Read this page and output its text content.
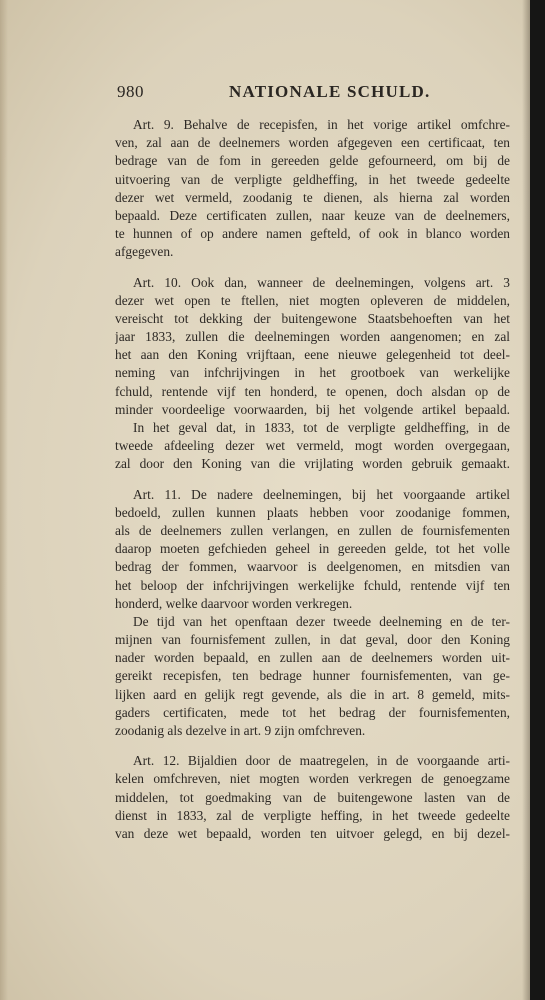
980	NATIONALE SCHULD.
Art. 9. Behalve de recepisfen, in het vorige artikel omfchre-
ven, zal aan de deelnemers worden afgegeven een certificaat, ten
bedrage van de fom in gereeden gelde gefourneerd, om bij de
uitvoering van de verpligte geldheffing, in het tweede gedeelte
dezer wet vermeld, zoodanig te dienen, als hierna zal worden
bepaald. Deze certificaten zullen, naar keuze van de deelnemers,
te hunnen of op andere namen gefteld, of ook in blanco worden
afgegeven.
Art. 10. Ook dan, wanneer de deelnemingen, volgens art. 3
dezer wet open te ftellen, niet mogten opleveren de middelen,
vereischt tot dekking der buitengewone Staatsbehoeften van het
jaar 1833, zullen die deelnemingen worden aangenomen; en zal
het aan den Koning vrijftaan, eene nieuwe gelegenheid tot deel-
neming van infchrijvingen in het grootboek van werkelijke
fchuld, rentende vijf ten honderd, te openen, doch alsdan op de
minder voordeelige voorwaarden, bij het volgende artikel bepaald.
In het geval dat, in 1833, tot de verpligte geldheffing, in de
tweede afdeeling dezer wet vermeld, mogt worden overgegaan,
zal door den Koning van die vrijlating worden gebruik gemaakt.
Art. 11. De nadere deelnemingen, bij het voorgaande artikel
bedoeld, zullen kunnen plaats hebben voor zoodanige fommen,
als de deelnemers zullen verlangen, en zullen de fournisfementen
daarop moeten gefchieden geheel in gereeden gelde, tot het volle
bedrag der fommen, waarvoor is deelgenomen, en mitsdien van
het beloop der infchrijvingen werkelijke fchuld, rentende vijf ten
honderd, welke daarvoor worden verkregen.
De tijd van het openftaan dezer tweede deelneming en de ter-
mijnen van fournisfement zullen, in dat geval, door den Koning
nader worden bepaald, en zullen aan de deelnemers worden uit-
gereikt recepisfen, ten bedrage hunner fournisfementen, van ge-
lijken aard en gelijk regt gevende, als die in art. 8 gemeld, mits-
gaders certificaten, mede tot het bedrag der fournisfementen,
zoodanig als dezelve in art. 9 zijn omfchreven.
Art. 12. Bijaldien door de maatregelen, in de voorgaande arti-
kelen omfchreven, niet mogten worden verkregen de genoegzame
middelen, tot goedmaking van de buitengewone lasten van de
dienst in 1833, zal de verpligte heffing, in het tweede gedeelte
van deze wet bepaald, worden ten uitvoer gelegd, en bij dezel-
